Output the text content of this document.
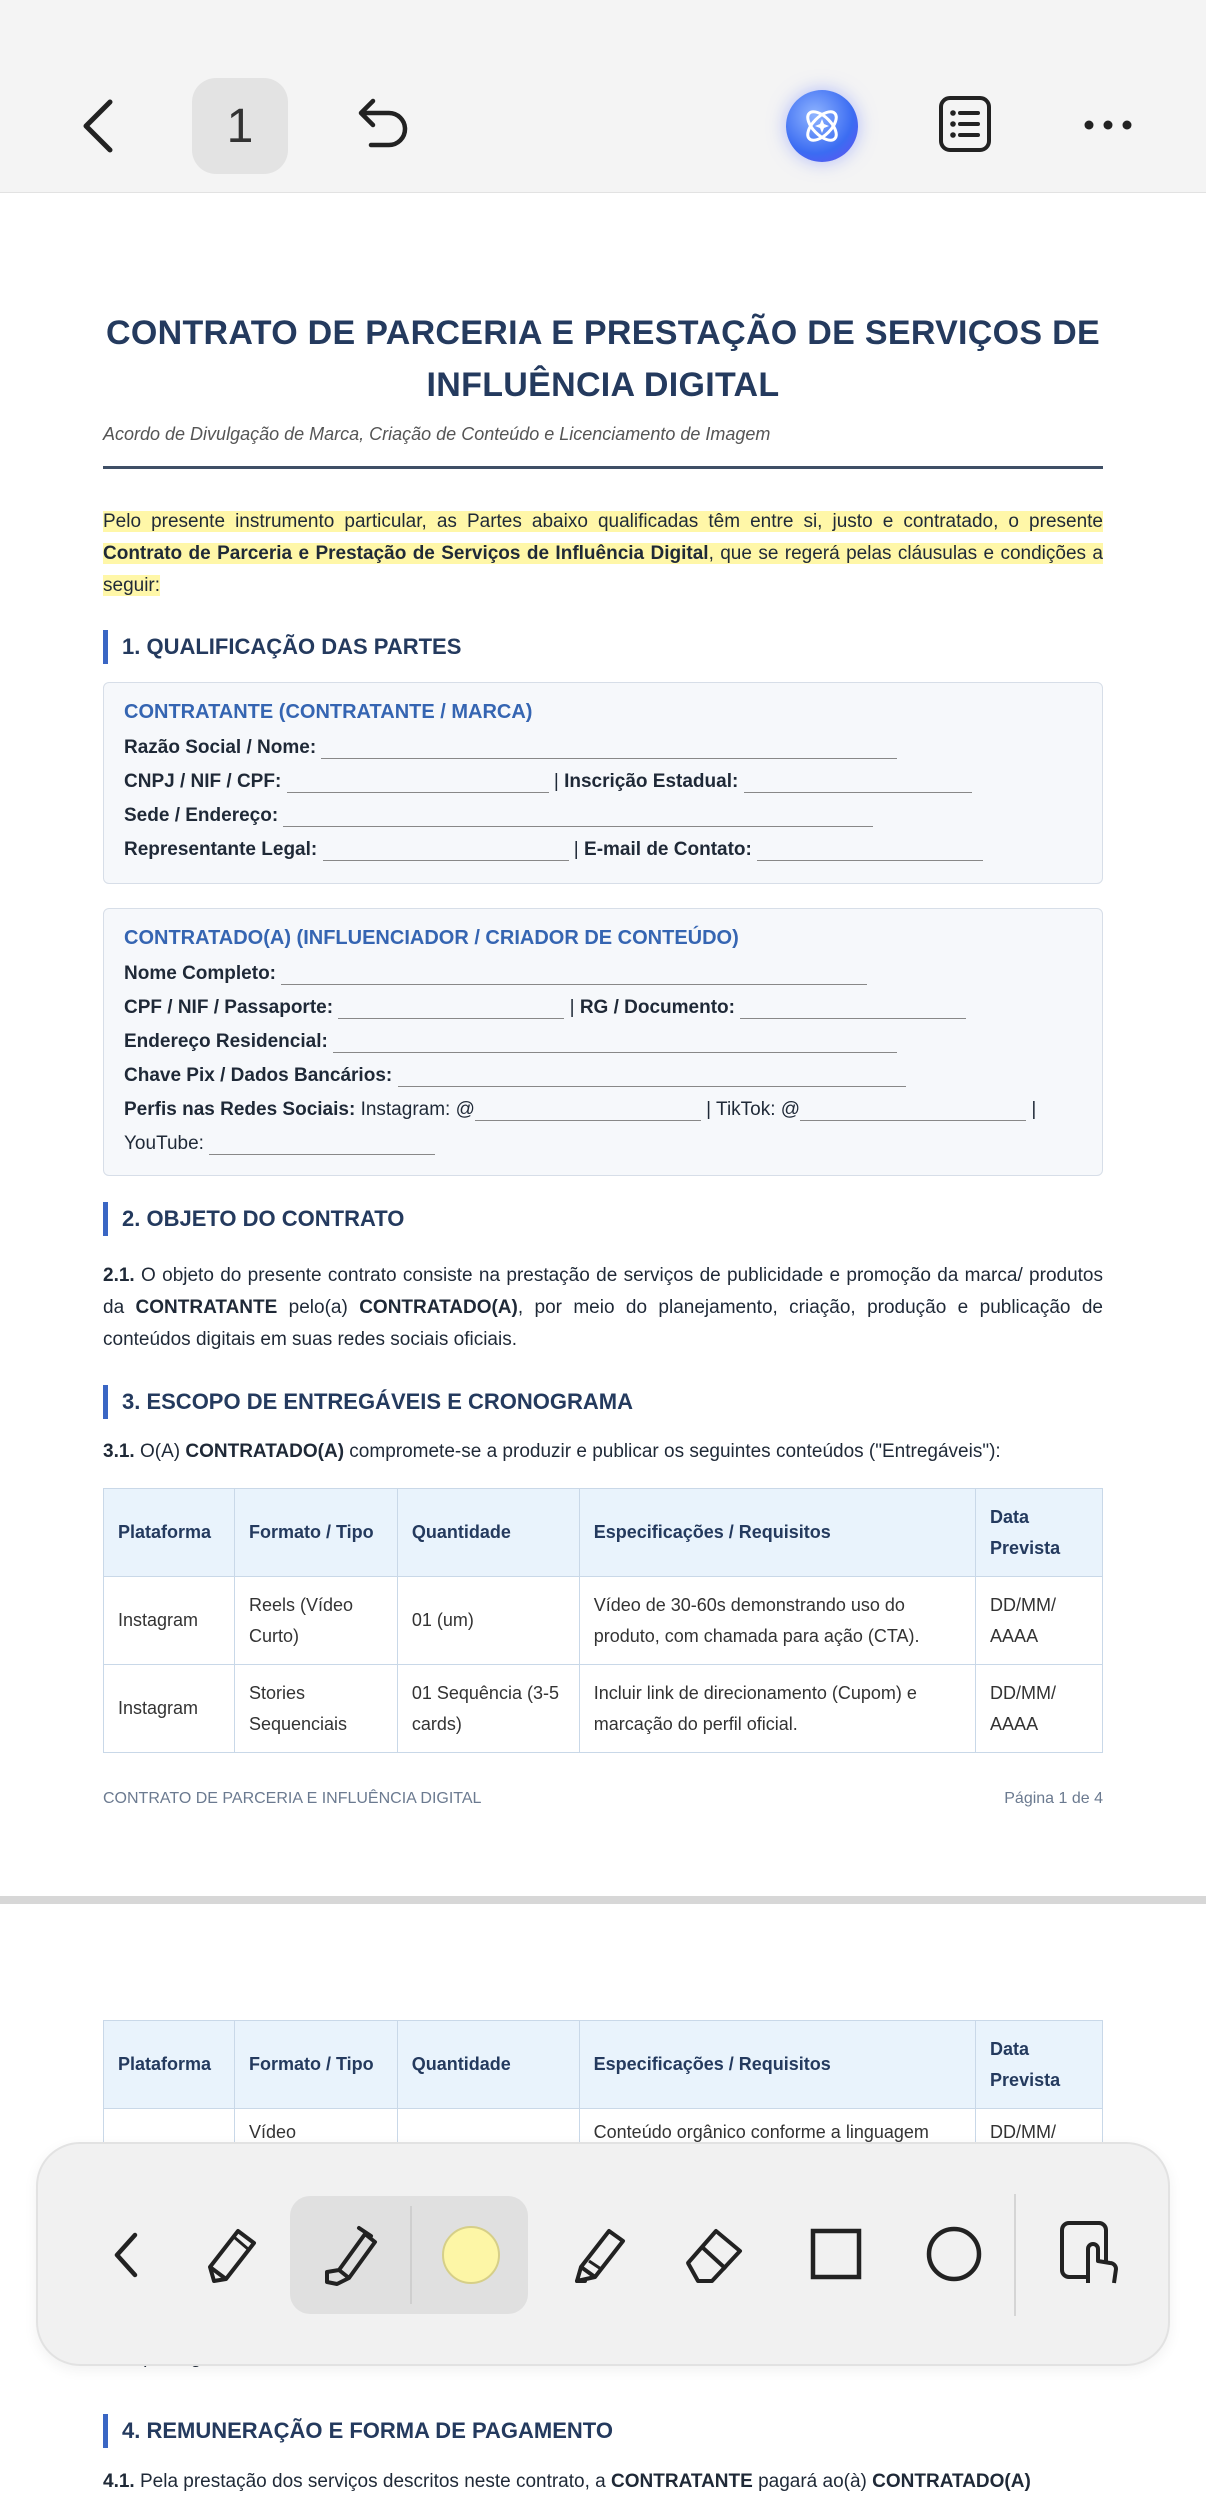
1
CONTRATO DE PARCERIA E PRESTAÇÃO DE SERVIÇOS DE INFLUÊNCIA DIGITAL
Acordo de Divulgação de Marca, Criação de Conteúdo e Licenciamento de Imagem
Pelo presente instrumento particular, as Partes abaixo qualificadas têm entre si, justo e contratado, o presente Contrato de Parceria e Prestação de Serviços de Influência Digital, que se regerá pelas cláusulas e condições a seguir:
1. QUALIFICAÇÃO DAS PARTES
CONTRATANTE (CONTRATANTE / MARCA)
Razão Social / Nome:
CNPJ / NIF / CPF:	| Inscrição Estadual:
Sede / Endereço:
Representante Legal:	| E-mail de Contato:
CONTRATADO(A) (INFLUENCIADOR / CRIADOR DE CONTEÚDO)
Nome Completo:
CPF / NIF / Passaporte:	| RG / Documento:
Endereço Residencial:
Chave Pix / Dados Bancários:
Perfis nas Redes Sociais: Instagram: @	| TikTok: @	|
YouTube:
2. OBJETO DO CONTRATO
2.1. O objeto do presente contrato consiste na prestação de serviços de publicidade e promoção da marca/ produtos da CONTRATANTE pelo(a) CONTRATADO(A), por meio do planejamento, criação, produção e publicação de conteúdos digitais em suas redes sociais oficiais.
3. ESCOPO DE ENTREGÁVEIS E CRONOGRAMA
3.1. O(A) CONTRATADO(A) compromete-se a produzir e publicar os seguintes conteúdos ("Entregáveis"):
Plataforma	Formato / Tipo	Quantidade	Especificações / Requisitos	Data Prevista
Instagram	Reels (Vídeo Curto)	01 (um)	Vídeo de 30-60s demonstrando uso do produto, com chamada para ação (CTA).	DD/MM/ AAAA
Instagram	Stories Sequenciais	01 Sequência (3-5 cards)	Incluir link de direcionamento (Cupom) e marcação do perfil oficial.	DD/MM/ AAAA
CONTRATO DE PARCERIA E INFLUÊNCIA DIGITAL	Página 1 de 4
Plataforma	Formato / Tipo	Quantidade	Especificações / Requisitos	Data Prevista
	Vídeo		Conteúdo orgânico conforme a linguagem	DD/MM/
4. REMUNERAÇÃO E FORMA DE PAGAMENTO
4.1. Pela prestação dos serviços descritos neste contrato, a CONTRATANTE pagará ao(à) CONTRATADO(A)
